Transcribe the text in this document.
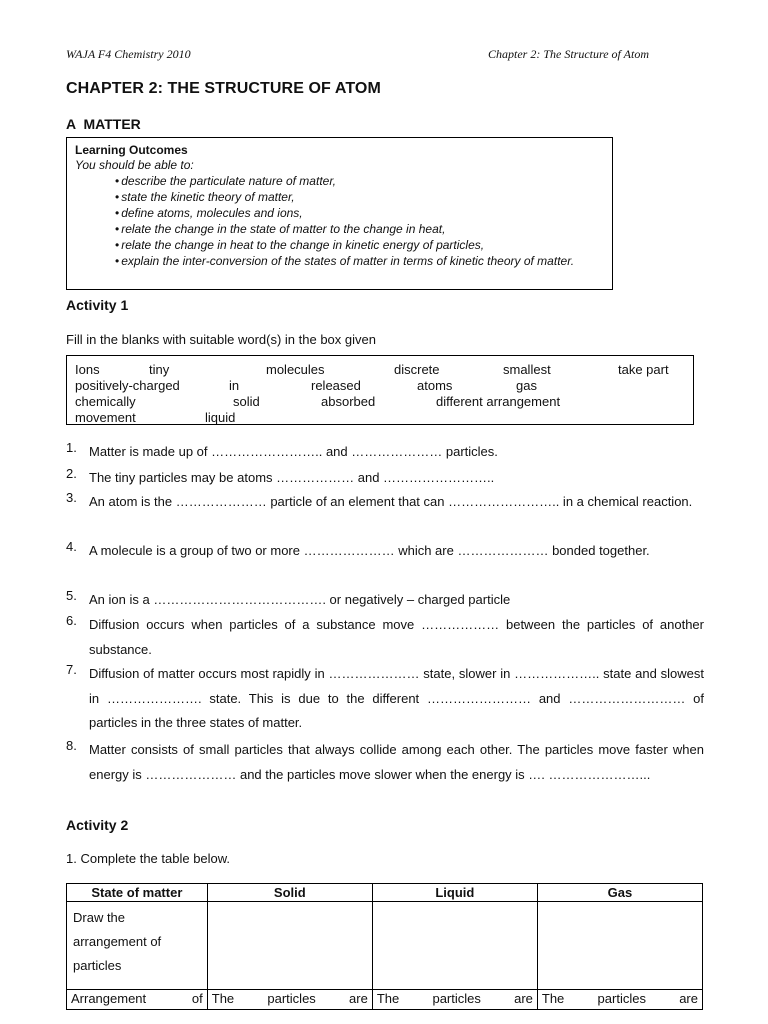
WAJA F4 Chemistry 2010	Chapter 2: The Structure of Atom
CHAPTER 2: THE STRUCTURE OF ATOM
A MATTER
Learning Outcomes
You should be able to:
• describe the particulate nature of matter,
• state the kinetic theory of matter,
• define atoms, molecules and ions,
• relate the change in the state of matter to the change in heat,
• relate the change in heat to the change in kinetic energy of particles,
• explain the inter-conversion of the states of matter in terms of kinetic theory of matter.
Activity 1
Fill in the blanks with suitable word(s) in the box given
Ions	tiny	molecules	discrete	smallest	take part
positively-charged	in	released	atoms	gas
chemically	solid	absorbed	different arrangement
movement	liquid
1. Matter is made up of …………………….. and ………………… particles.
2. The tiny particles may be atoms ……………… and ……………………..
3. An atom is the ………………… particle of an element that can …………………….. in a chemical reaction.
4. A molecule is a group of two or more ………………… which are ………………… bonded together.
5. An ion is a …………………………………. or negatively – charged particle
6. Diffusion occurs when particles of a substance move ……………… between the particles of another substance.
7. Diffusion of matter occurs most rapidly in ………………… state, slower in ……………….. state and slowest in …………………. state. This is due to the different …………………… and ……………………… of particles in the three states of matter.
8. Matter consists of small particles that always collide among each other. The particles move faster when energy is ………………… and the particles move slower when the energy is …. …………………...
Activity 2
1. Complete the table below.
State of matter	Solid	Liquid	Gas
Draw the arrangement of particles			
Arrangement of	The particles are	The particles are	The particles are
